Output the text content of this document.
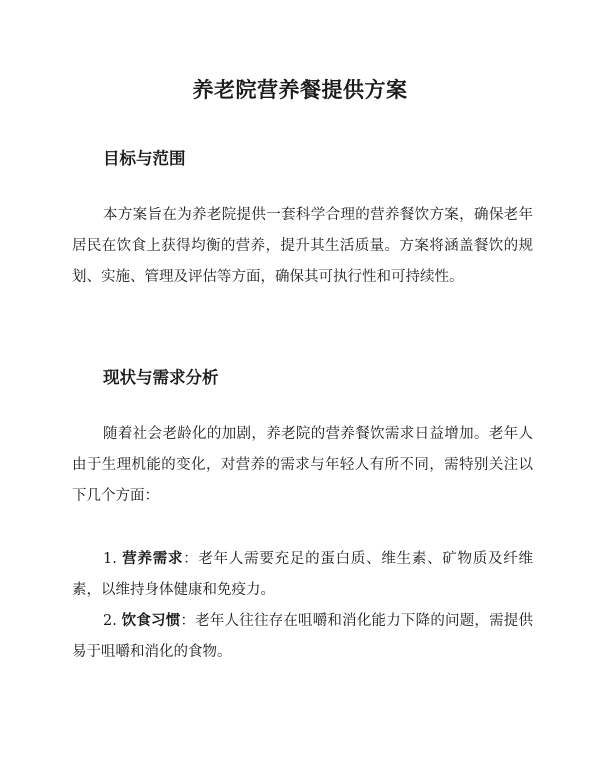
养老院营养餐提供方案
目标与范围

本方案旨在为养老院提供一套科学合理的营养餐饮方案，确保老年居民在饮食上获得均衡的营养，提升其生活质量。方案将涵盖餐饮的规划、实施、管理及评估等方面，确保其可执行性和可持续性。

现状与需求分析

随着社会老龄化的加剧，养老院的营养餐饮需求日益增加。老年人由于生理机能的变化，对营养的需求与年轻人有所不同，需特别关注以下几个方面：

1. 营养需求：老年人需要充足的蛋白质、维生素、矿物质及纤维素，以维持身体健康和免疫力。
2. 饮食习惯：老年人往往存在咀嚼和消化能力下降的问题，需提供易于咀嚼和消化的食物。
